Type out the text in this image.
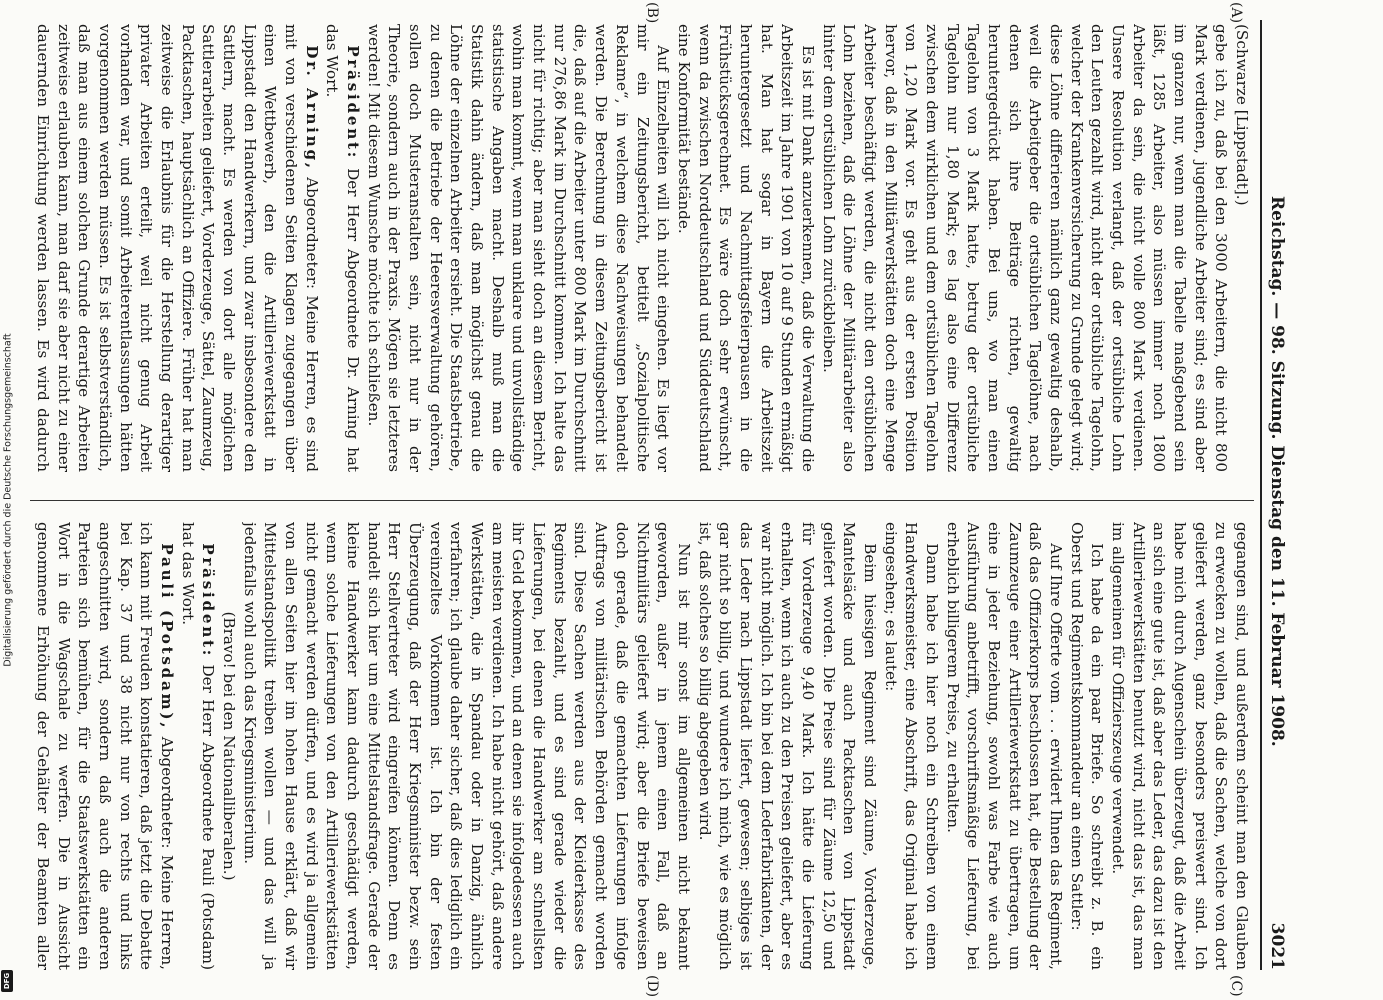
Reichstag. — 98. Sitzung. Dienstag den 11. Februar 1908.
3021
(A)
(B)
(C)
(D)

(Schwarze [Lippstadt].)

gebe ich zu, daß bei den 3000 Arbeitern, die nicht 800 Mark verdienen, jugendliche Arbeiter sind; es sind aber im ganzen nur, wenn man die Tabelle maßgebend sein läßt, 1285 Arbeiter, also müssen immer noch 1800 Arbeiter da sein, die nicht volle 800 Mark verdienen. Unsere Resolution verlangt, daß der ortsübliche Lohn den Leuten gezahlt wird, nicht der ortsübliche Tagelohn, welcher der Krankenversicherung zu Grunde gelegt wird; diese Löhne differieren nämlich ganz gewaltig deshalb, weil die Arbeitgeber die ortsüblichen Tagelöhne, nach denen sich ihre Beiträge richten, gewaltig heruntergedrückt haben. Bei uns, wo man einen Tagelohn von 3 Mark hatte, betrug der ortsübliche Tagelohn nur 1,80 Mark; es lag also eine Differenz zwischen dem wirklichen und dem ortsüblichen Tagelohn von 1,20 Mark vor. Es geht aus der ersten Position hervor, daß in den Militärwerkstätten doch eine Menge Arbeiter beschäftigt werden, die nicht den ortsüblichen Lohn beziehen, daß die Löhne der Militärarbeiter also hinter dem ortsüblichen Lohn zurückbleiben.

Es ist mit Dank anzuerkennen, daß die Verwaltung die Arbeitszeit im Jahre 1901 von 10 auf 9 Stunden ermäßigt hat. Man hat sogar in Bayern die Arbeitszeit heruntergesetzt und Nachmittagsfeierpausen in die Frühstücksgerechnet. Es wäre doch sehr erwünscht, wenn da zwischen Norddeutschland und Süddeutschland eine Konformität bestände.

Auf Einzelheiten will ich nicht eingehen. Es liegt vor mir ein Zeitungsbericht, betitelt „Sozialpolitische Reklame“, in welchem diese Nachweisungen behandelt werden. Die Berechnung in diesem Zeitungsbericht ist die, daß auf die Arbeiter unter 800 Mark im Durchschnitt nur 276,86 Mark im Durchschnitt kommen. Ich halte das nicht für richtig; aber man sieht doch an diesem Bericht, wohin man kommt, wenn man unklare und unvollständige statistische Angaben macht. Deshalb muß man die Statistik dahin ändern, daß man möglichst genau die Löhne der einzelnen Arbeiter ersieht. Die Staatsbetriebe, zu denen die Betriebe der Heeresverwaltung gehören, sollen doch Musteranstalten sein, nicht nur in der Theorie, sondern auch in der Praxis. Mögen sie letzteres werden! Mit diesem Wunsche möchte ich schließen.

Präsident: Der Herr Abgeordnete Dr. Arning hat das Wort.

Dr. Arning, Abgeordneter: Meine Herren, es sind mit von verschiedenen Seiten Klagen zugegangen über einen Wettbewerb, den die Artilleriewerkstatt in Lippstadt den Handwerkern, und zwar insbesondere den Sattlern, macht. Es werden von dort alle möglichen Sattlerarbeiten geliefert, Vorderzeuge, Sättel, Zaumzeug, Packtaschen, hauptsächlich an Offiziere. Früher hat man zeitweise die Erlaubnis für die Herstellung derartiger privater Arbeiten erteilt, weil nicht genug Arbeit vorhanden war, und somit Arbeiterentlassungen hätten vorgenommen werden müssen. Es ist selbstverständlich, daß man aus einem solchen Grunde derartige Arbeiten zeitweise erlauben kann, man darf sie aber nicht zu einer dauernden Einrichtung werden lassen. Es wird dadurch

gegangen sind, und außerdem scheint man den Glauben zu erwecken zu wollen, daß die Sachen, welche von dort geliefert werden, ganz besonders preiswert sind. Ich habe mich durch Augenschein überzeugt, daß die Arbeit an sich eine gute ist, daß aber das Leder, das dazu ist den Artilleriewerkstätten benutzt wird, nicht das ist, das man im allgemeinen für Offizierszeuge verwendet.

Ich habe da ein paar Briefe. So schreibt z. B. ein Oberst und Regimentskommandeur an einen Sattler:

Auf Ihre Offerte vom . . . erwidert Ihnen das Regiment, daß das Offizierkorps beschlossen hat, die Bestellung der Zaumzeuge einer Artilleriewerkstatt zu übertragen, um eine in jeder Beziehung, sowohl was Farbe wie auch Ausführung anbetrifft, vorschriftsmäßige Lieferung, bei erheblich billigerem Preise, zu erhalten.

Dann habe ich hier noch ein Schreiben von einem Handwerksmeister, eine Abschrift, das Original habe ich eingesehen; es lautet:

Beim hiesigen Regiment sind Zäume, Vorderzeuge, Mantelsäcke und auch Packtaschen von Lippstadt geliefert worden. Die Preise sind für Zäume 12,50 und für Vorderzeuge 9,40 Mark. Ich hätte die Lieferung erhalten, wenn ich auch zu den Preisen geliefert, aber es war nicht möglich. Ich bin bei dem Lederfabrikanten, der das Leder nach Lippstadt liefert, gewesen; selbiges ist gar nicht so billig, und wundere ich mich, wie es möglich ist, daß solches so billig abgegeben wird.

Nun ist mir sonst im allgemeinen nicht bekannt geworden, außer in jenem einen Fall, daß an Nichtmilitärs geliefert wird; aber die Briefe beweisen doch gerade, daß die gemachten Lieferungen infolge Auftrags von militärischen Behörden gemacht worden sind. Diese Sachen werden aus der Kleiderkasse des Regiments bezahlt, und es sind gerade wieder die Lieferungen, bei denen die Handwerker am schnellsten ihr Geld bekommen, und an denen sie infolgedessen auch am meisten verdienen. Ich habe nicht gehört, daß andere Werkstätten, die in Spandau oder in Danzig, ähnlich verfahren; ich glaube daher sicher, daß dies lediglich ein vereinzeltes Vorkommen ist. Ich bin der festen Überzeugung, daß der Herr Kriegsminister bezw. sein Herr Stellvertreter wird eingreifen können. Denn es handelt sich hier um eine Mittelstandsfrage. Gerade der kleine Handwerker kann dadurch geschädigt werden, wenn solche Lieferungen von den Artilleriewerkstätten nicht gemacht werden dürfen, und es wird ja allgemein von allen Seiten hier im hohen Hause erklärt, daß wir Mittelstandspolitik treiben wollen — und das will ja jedenfalls wohl auch das Kriegsministerium.

(Bravo! bei den Nationalliberalen.)

Präsident: Der Herr Abgeordnete Pauli (Potsdam) hat das Wort.

Pauli (Potsdam), Abgeordneter: Meine Herren, ich kann mit Freuden konstatieren, daß jetzt die Debatte bei Kap. 37 und 38 nicht nur von rechts und links angeschnitten wird, sondern daß auch die anderen Parteien sich bemühen, für die Staatswerkstätten ein Wort in die Wagschale zu werfen. Die in Aussicht genommene Erhöhung der Gehälter der Beamten aller

Digitalisierung gefördert durch die Deutsche Forschungsgemeinschaft
DFG
